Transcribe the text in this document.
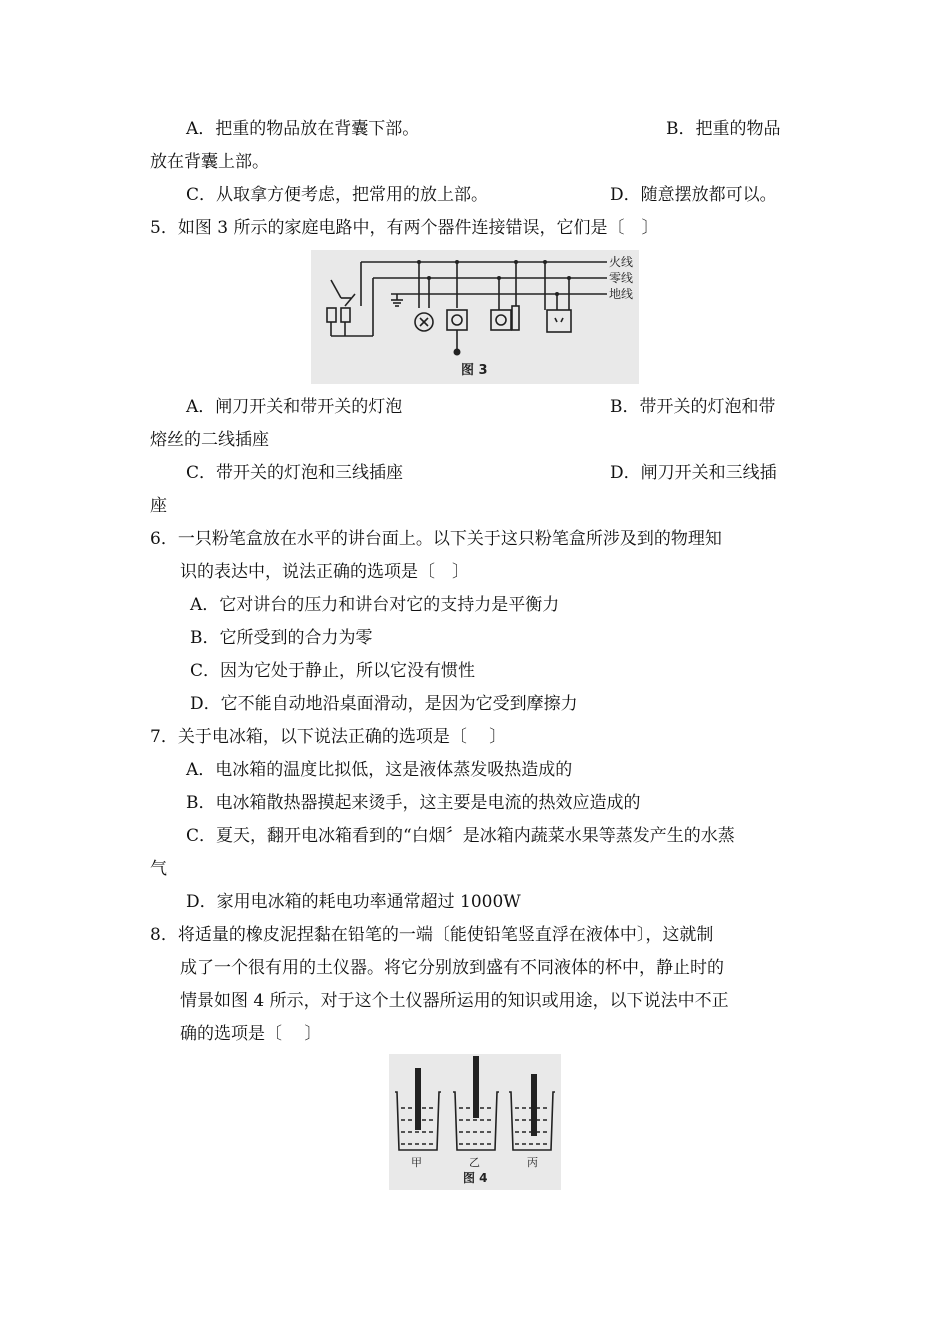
A．把重的物品放在背囊下部。	B．把重的物品
放在背囊上部。
C．从取拿方便考虑，把常用的放上部。	D．随意摆放都可以。
5．如图 3 所示的家庭电路中，有两个器件连接错误，它们是〔　〕
火线
零线
地线
图 3
A．闸刀开关和带开关的灯泡	B．带开关的灯泡和带
熔丝的二线插座
C．带开关的灯泡和三线插座	D．闸刀开关和三线插
座
6．一只粉笔盒放在水平的讲台面上。以下关于这只粉笔盒所涉及到的物理知
识的表达中，说法正确的选项是〔　〕
A．它对讲台的压力和讲台对它的支持力是平衡力
B．它所受到的合力为零
C．因为它处于静止，所以它没有惯性
D．它不能自动地沿桌面滑动，是因为它受到摩擦力
7．关于电冰箱，以下说法正确的选项是〔　 〕
A．电冰箱的温度比拟低，这是液体蒸发吸热造成的
B．电冰箱散热器摸起来烫手，这主要是电流的热效应造成的
C．夏天，翻开电冰箱看到的“白烟〞是冰箱内蔬菜水果等蒸发产生的水蒸
气
D．家用电冰箱的耗电功率通常超过 1000W
8．将适量的橡皮泥捏黏在铅笔的一端〔能使铅笔竖直浮在液体中〕，这就制
成了一个很有用的土仪器。将它分别放到盛有不同液体的杯中，静止时的
情景如图 4 所示，对于这个土仪器所运用的知识或用途，以下说法中不正
确的选项是〔　 〕
甲	乙	丙
图 4
